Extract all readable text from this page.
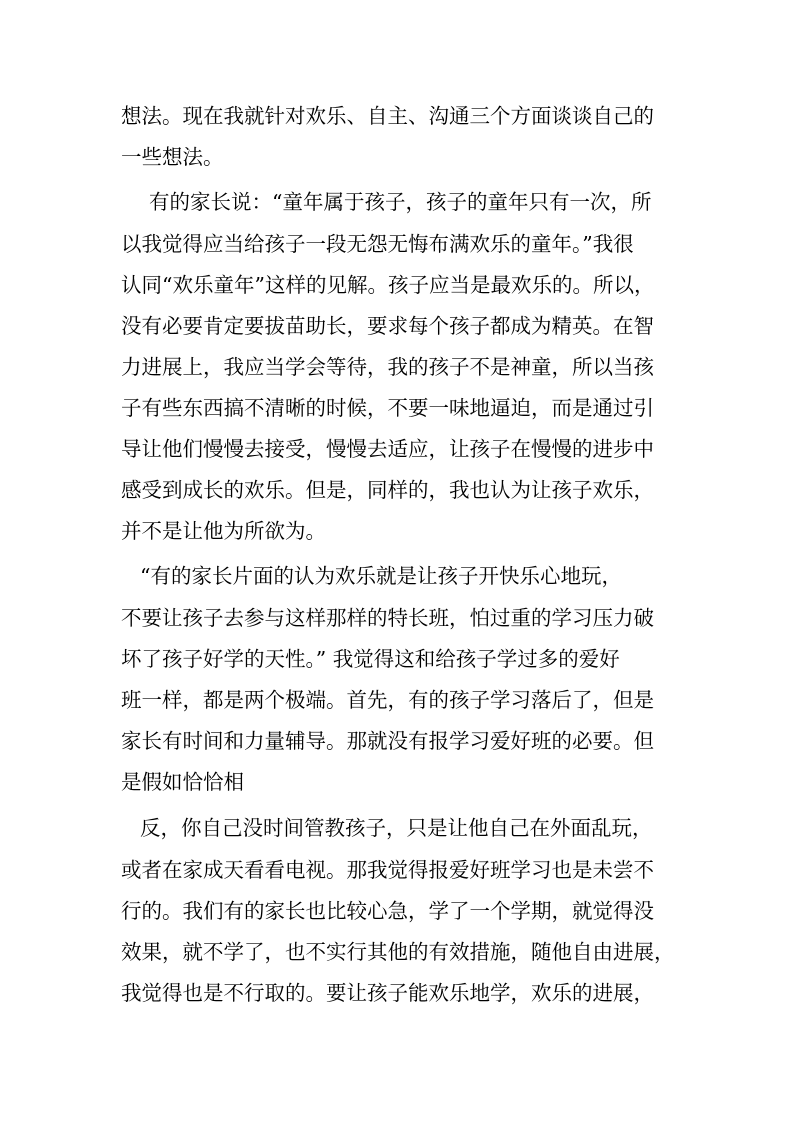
想法。现在我就针对欢乐、自主、沟通三个方面谈谈自己的
一些想法。
有的家长说：“童年属于孩子，孩子的童年只有一次，所
以我觉得应当给孩子一段无怨无悔布满欢乐的童年。”我很
认同“欢乐童年”这样的见解。孩子应当是最欢乐的。所以，
没有必要肯定要拔苗助长，要求每个孩子都成为精英。在智
力进展上，我应当学会等待，我的孩子不是神童，所以当孩
子有些东西搞不清晰的时候，不要一味地逼迫，而是通过引
导让他们慢慢去接受，慢慢去适应，让孩子在慢慢的进步中
感受到成长的欢乐。但是，同样的，我也认为让孩子欢乐，
并不是让他为所欲为。
“有的家长片面的认为欢乐就是让孩子开快乐心地玩，
不要让孩子去参与这样那样的特长班，怕过重的学习压力破
坏了孩子好学的天性。” 我觉得这和给孩子学过多的爱好
班一样，都是两个极端。首先，有的孩子学习落后了，但是
家长有时间和力量辅导。那就没有报学习爱好班的必要。但
是假如恰恰相
反，你自己没时间管教孩子，只是让他自己在外面乱玩，
或者在家成天看看电视。那我觉得报爱好班学习也是未尝不
行的。我们有的家长也比较心急，学了一个学期，就觉得没
效果，就不学了，也不实行其他的有效措施，随他自由进展，
我觉得也是不行取的。要让孩子能欢乐地学，欢乐的进展，
